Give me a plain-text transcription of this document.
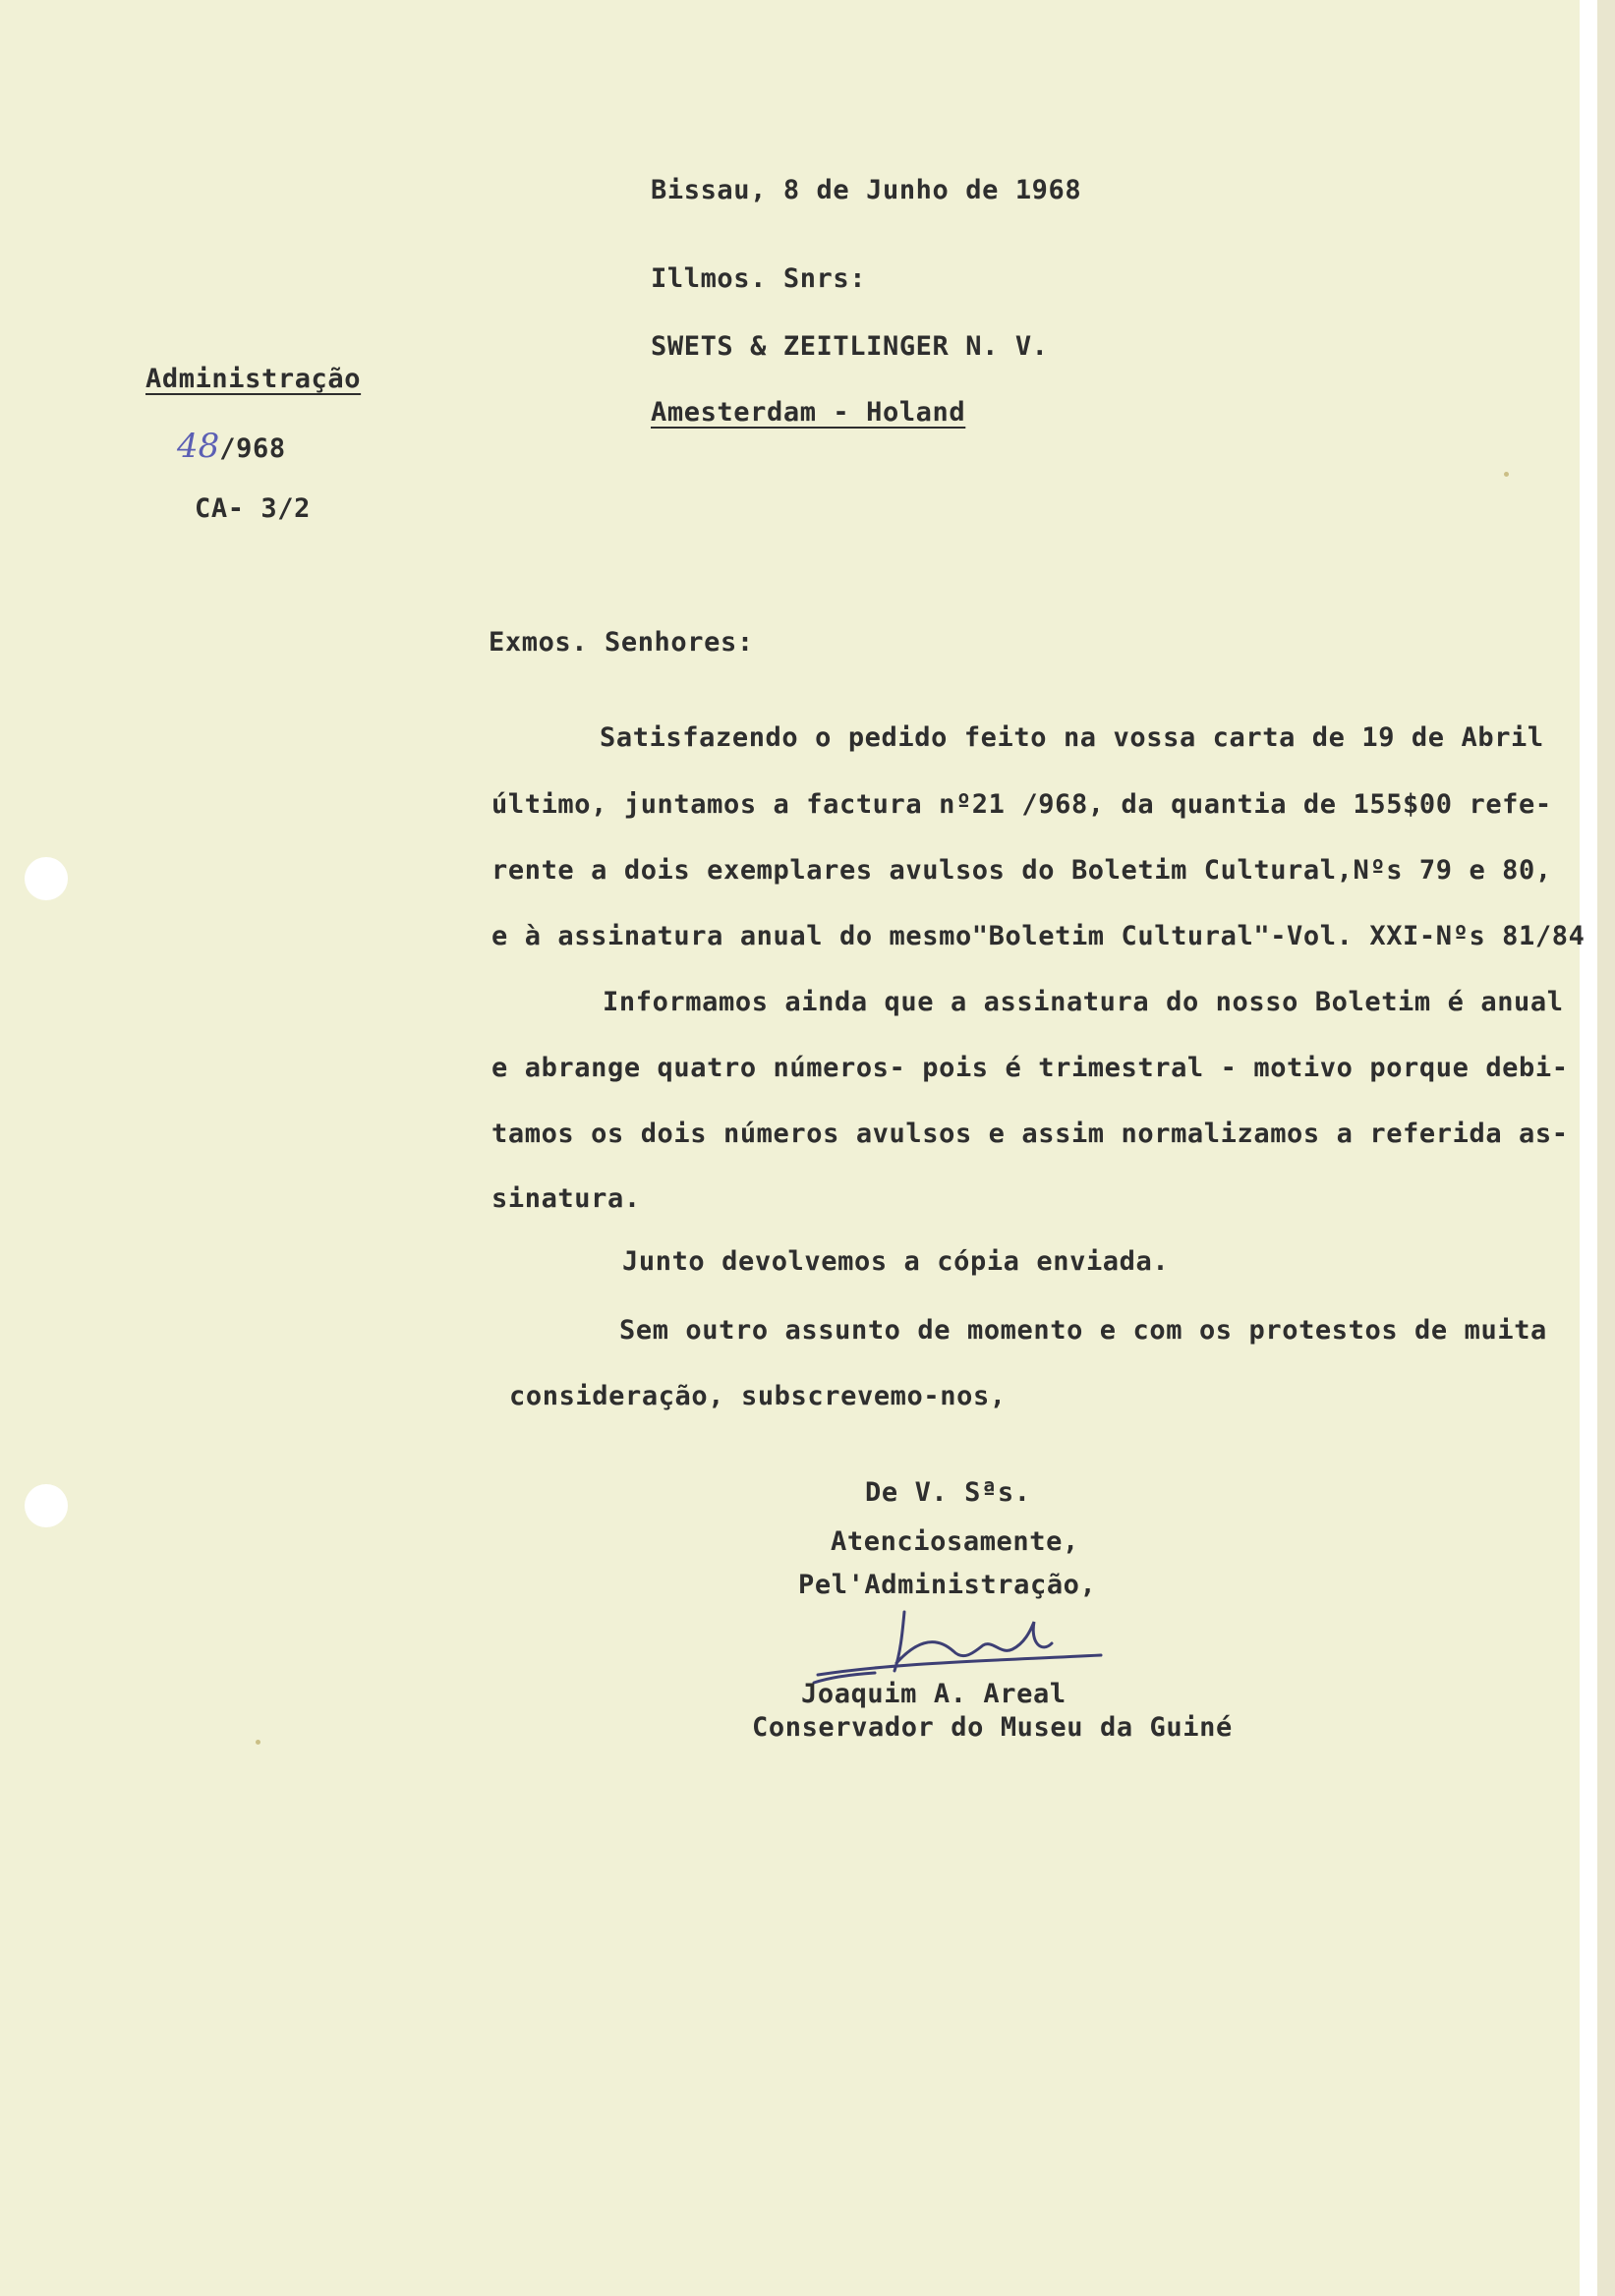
Bissau, 8 de Junho de 1968
Illmos. Snrs:
SWETS & ZEITLINGER N. V.
Amesterdam - Holand
Administração
48/968
CA- 3/2
Exmos. Senhores:
Satisfazendo o pedido feito na vossa carta de 19 de Abril
último, juntamos a factura nº21 /968, da quantia de 155$00 refe-
rente a dois exemplares avulsos do Boletim Cultural,Nºs 79 e 80,
e à assinatura anual do mesmo"Boletim Cultural"-Vol. XXI-Nºs 81/84
Informamos ainda que a assinatura do nosso Boletim é anual
e abrange quatro números- pois é trimestral - motivo porque debi-
tamos os dois números avulsos e assim normalizamos a referida as-
sinatura.
Junto devolvemos a cópia enviada.
Sem outro assunto de momento e com os protestos de muita
consideração, subscrevemo-nos,
De V. Sªs.
Atenciosamente,
Pel'Administração,
Joaquim A. Areal
Conservador do Museu da Guiné
